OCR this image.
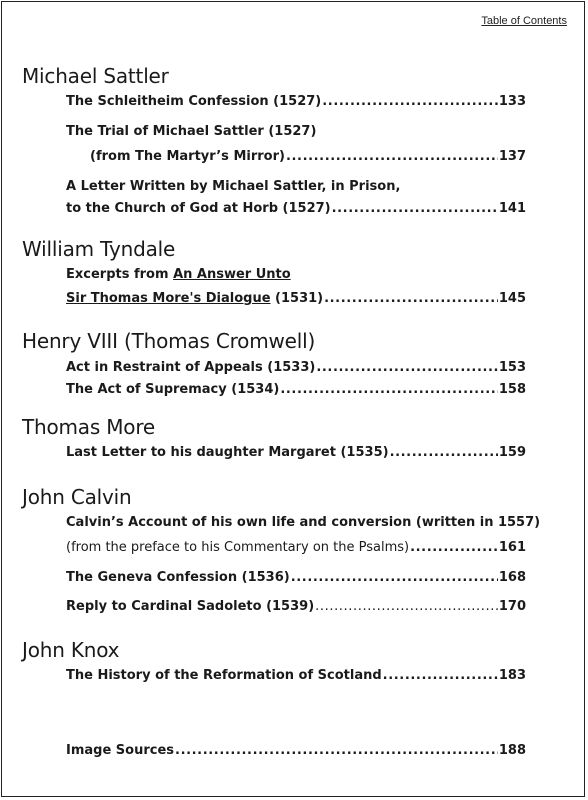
Table of Contents
Michael Sattler
The Schleitheim Confession (1527) .....	133
The Trial of Michael Sattler (1527)
(from The Martyr’s Mirror) .....	137
A Letter Written by Michael Sattler, in Prison,
to the Church of God at Horb (1527) .....	141
William Tyndale
Excerpts from An Answer Unto
Sir Thomas More's Dialogue (1531) .....	145
Henry VIII (Thomas Cromwell)
Act in Restraint of Appeals (1533) .....	153
The Act of Supremacy (1534) .....	158
Thomas More
Last Letter to his daughter Margaret (1535) .....	159
John Calvin
Calvin’s Account of his own life and conversion (written in 1557)
(from the preface to his Commentary on the Psalms) .....	161
The Geneva Confession (1536) .....	168
Reply to Cardinal Sadoleto (1539) .....	170
John Knox
The History of the Reformation of Scotland .....	183
Image Sources .....	188
